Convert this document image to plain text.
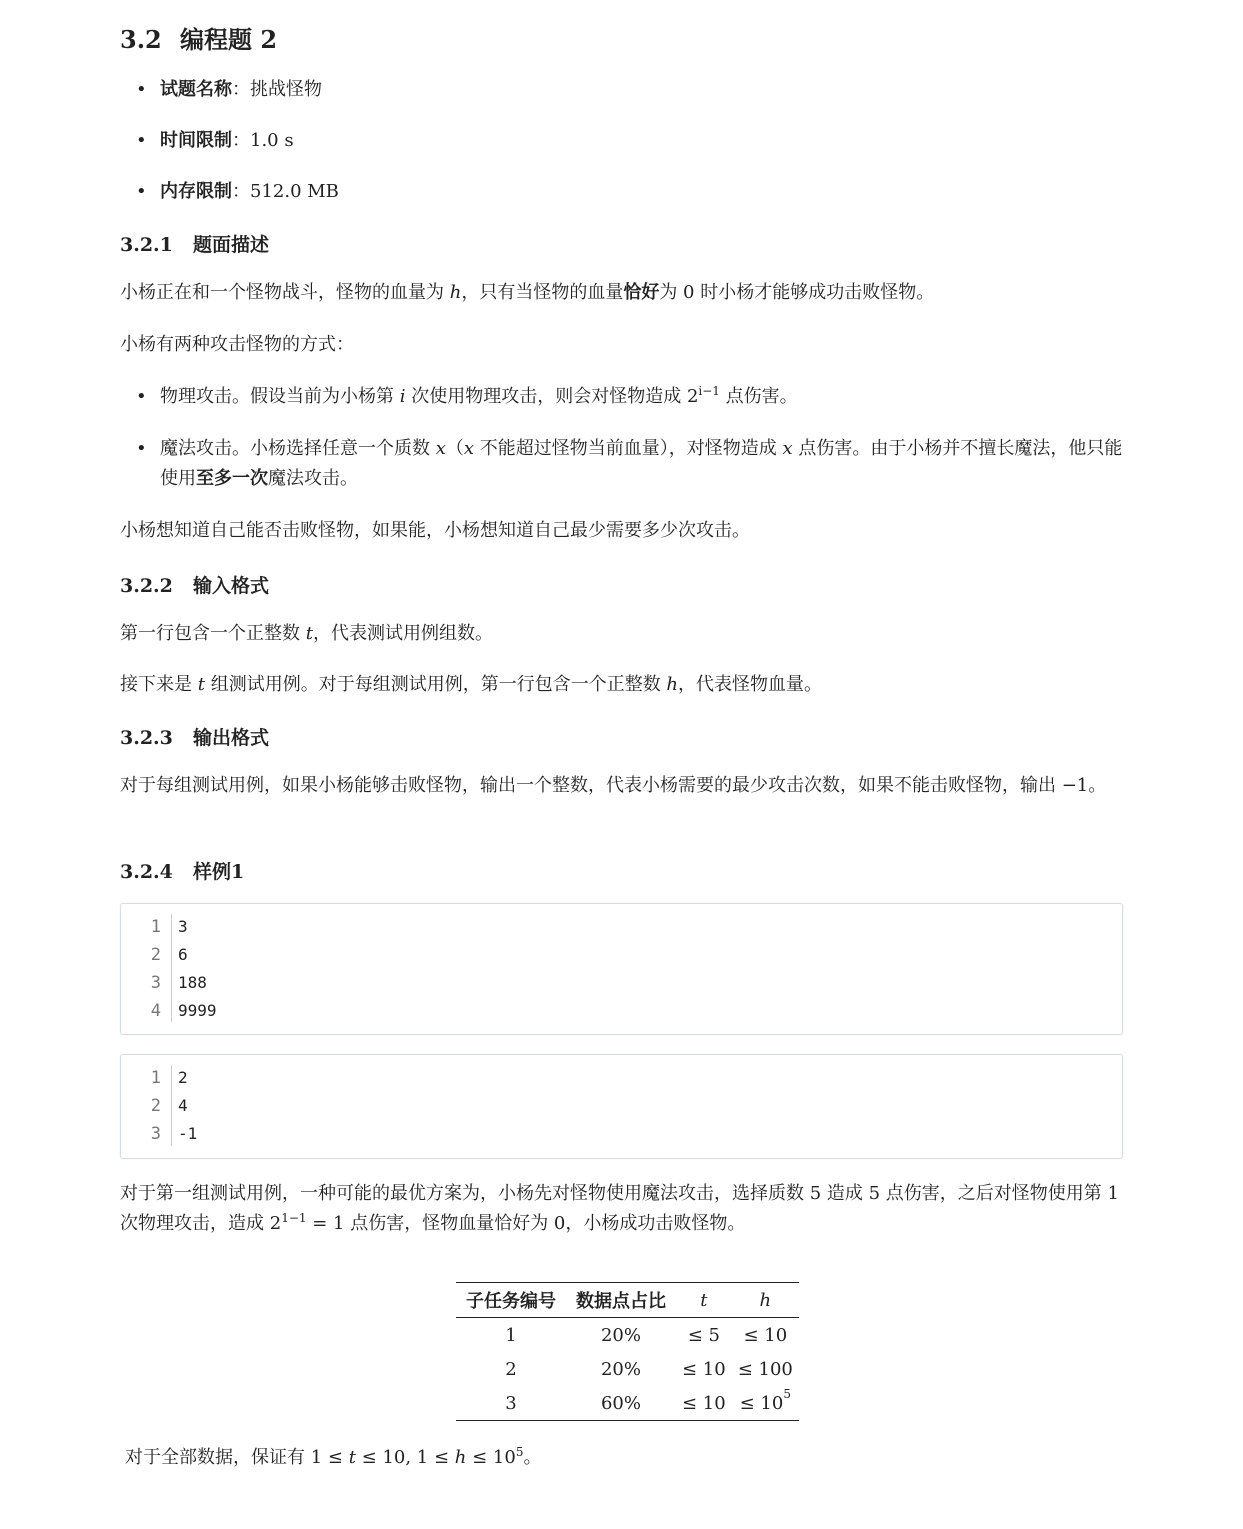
3.2 编程题 2
• 试题名称：挑战怪物
• 时间限制：1.0 s
• 内存限制：512.0 MB
3.2.1 题面描述
小杨正在和一个怪物战斗，怪物的血量为 h，只有当怪物的血量恰好为 0 时小杨才能够成功击败怪物。
小杨有两种攻击怪物的方式：
• 物理攻击。假设当前为小杨第 i 次使用物理攻击，则会对怪物造成 $2^{i-1}$ 点伤害。
• 魔法攻击。小杨选择任意一个质数 x（x 不能超过怪物当前血量），对怪物造成 x 点伤害。由于小杨并不擅长魔法，他只能使用至多一次魔法攻击。
小杨想知道自己能否击败怪物，如果能，小杨想知道自己最少需要多少次攻击。
3.2.2 输入格式
第一行包含一个正整数 t，代表测试用例组数。
接下来是 t 组测试用例。对于每组测试用例，第一行包含一个正整数 h，代表怪物血量。
3.2.3 输出格式
对于每组测试用例，如果小杨能够击败怪物，输出一个整数，代表小杨需要的最少攻击次数，如果不能击败怪物，输出 −1。
3.2.4 样例1
1 3
2 6
3 188
4 9999
1 2
2 4
3 -1
对于第一组测试用例，一种可能的最优方案为，小杨先对怪物使用魔法攻击，选择质数 5 造成 5 点伤害，之后对怪物使用第 1 次物理攻击，造成 $2^{1-1} = 1$ 点伤害，怪物血量恰好为 0，小杨成功击败怪物。
子任务编号	数据点占比	t	h
1	20%	≤ 5	≤ 10
2	20%	≤ 10	≤ 100
3	60%	≤ 10	≤ $10^5$
对于全部数据，保证有 1 ≤ t ≤ 10, $1 \le h \le 10^5$。
